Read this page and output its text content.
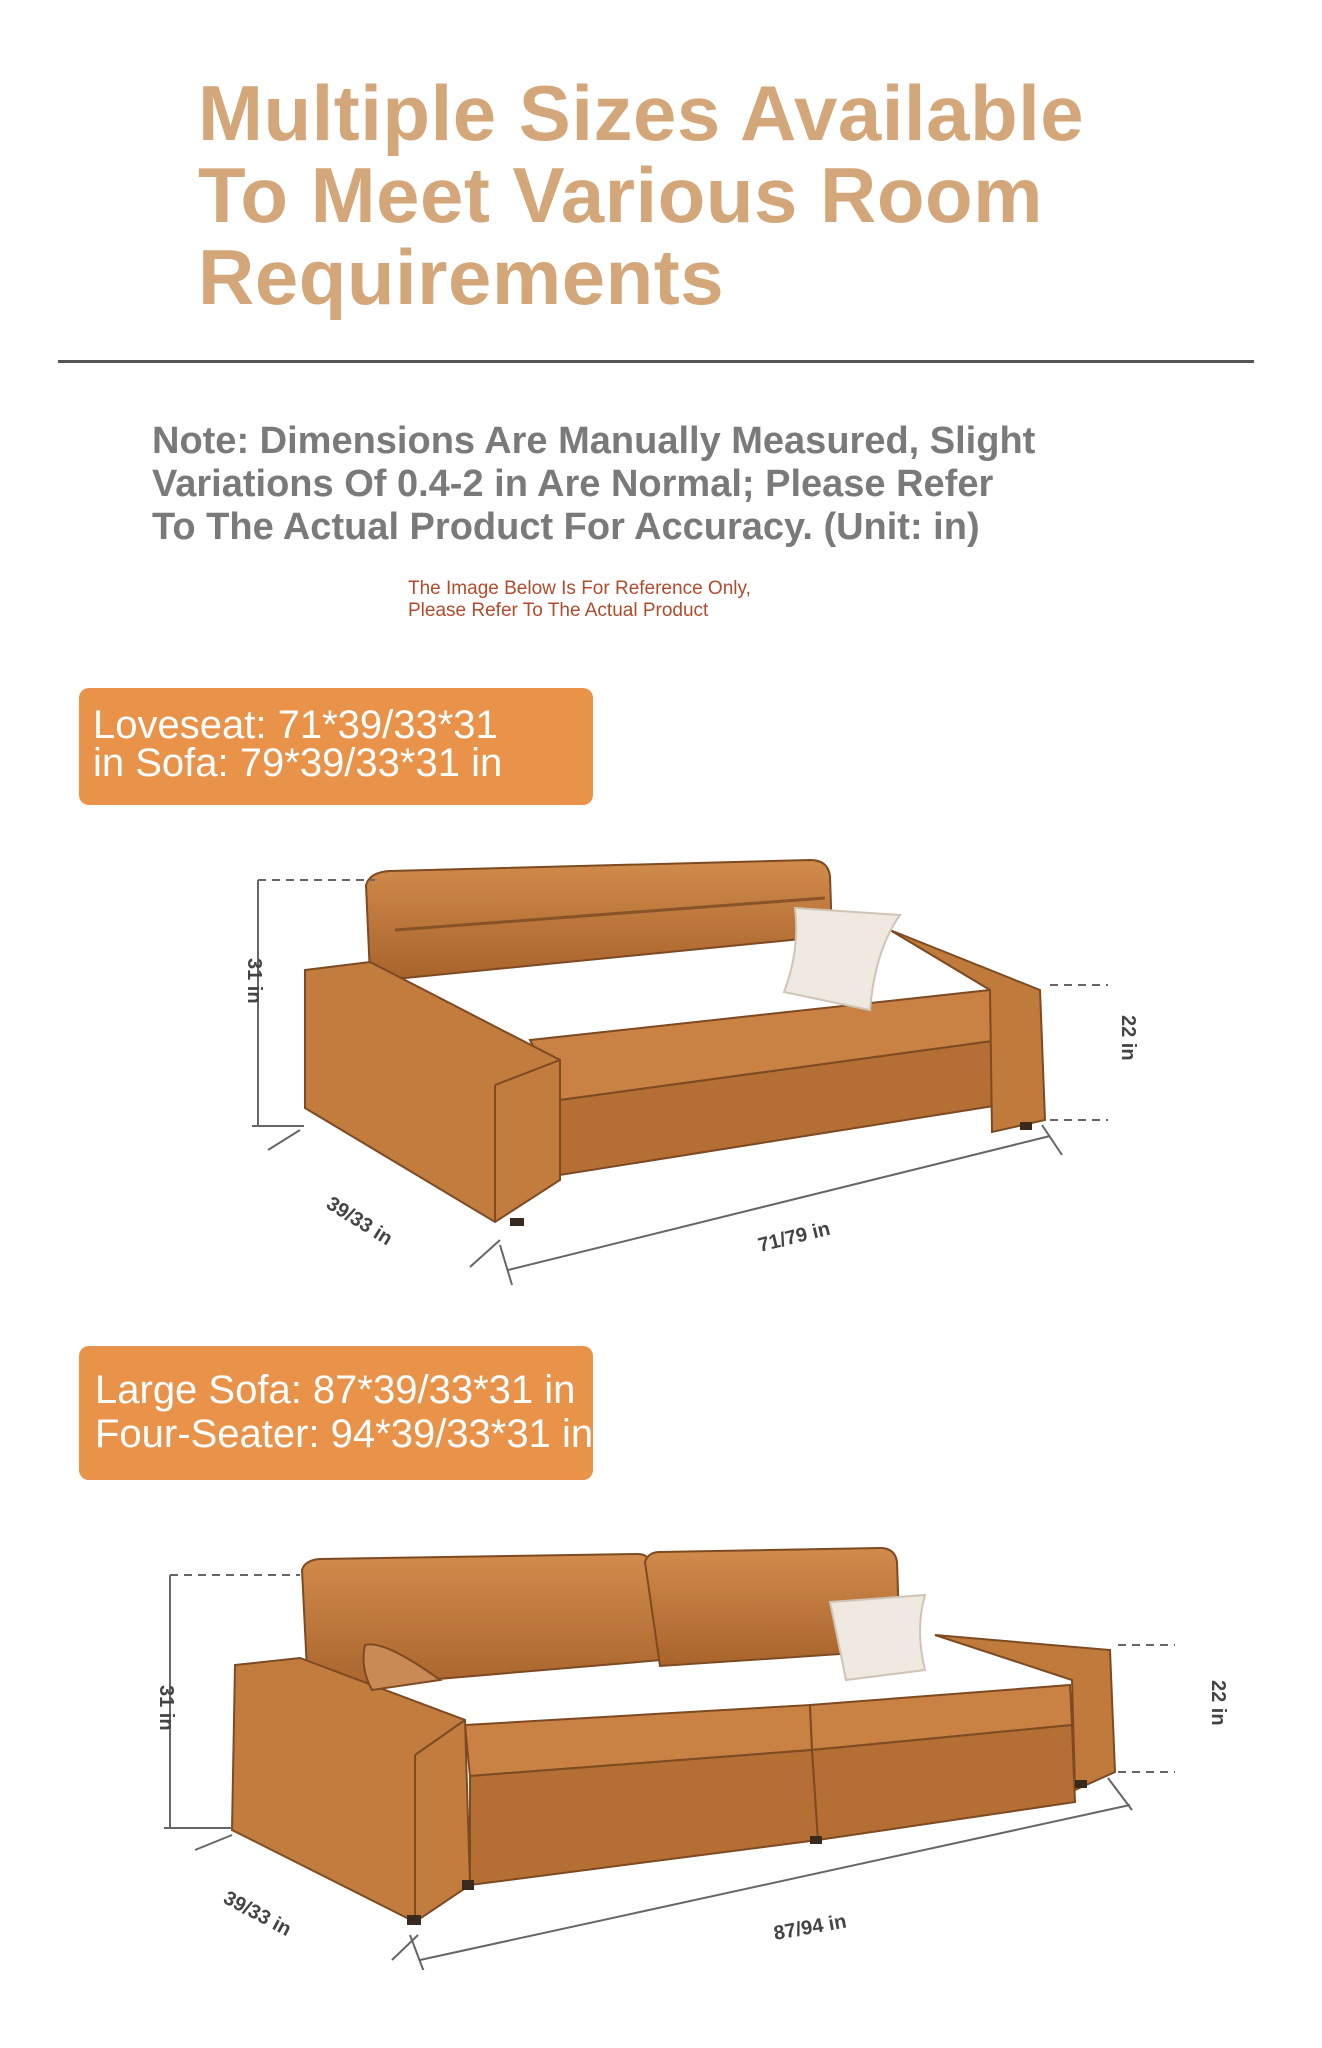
Multiple Sizes Available
To Meet Various Room
Requirements
Note: Dimensions Are Manually Measured, Slight
Variations Of 0.4-2 in Are Normal; Please Refer
To The Actual Product For Accuracy. (Unit: in)
The Image Below Is For Reference Only,
Please Refer To The Actual Product
Loveseat: 71*39/33*31
in Sofa: 79*39/33*31 in
31 in
22 in
39/33 in	71/79 in
Large Sofa: 87*39/33*31 in
Four-Seater: 94*39/33*31 in
31 in	22 in
39/33 in	87/94 in
